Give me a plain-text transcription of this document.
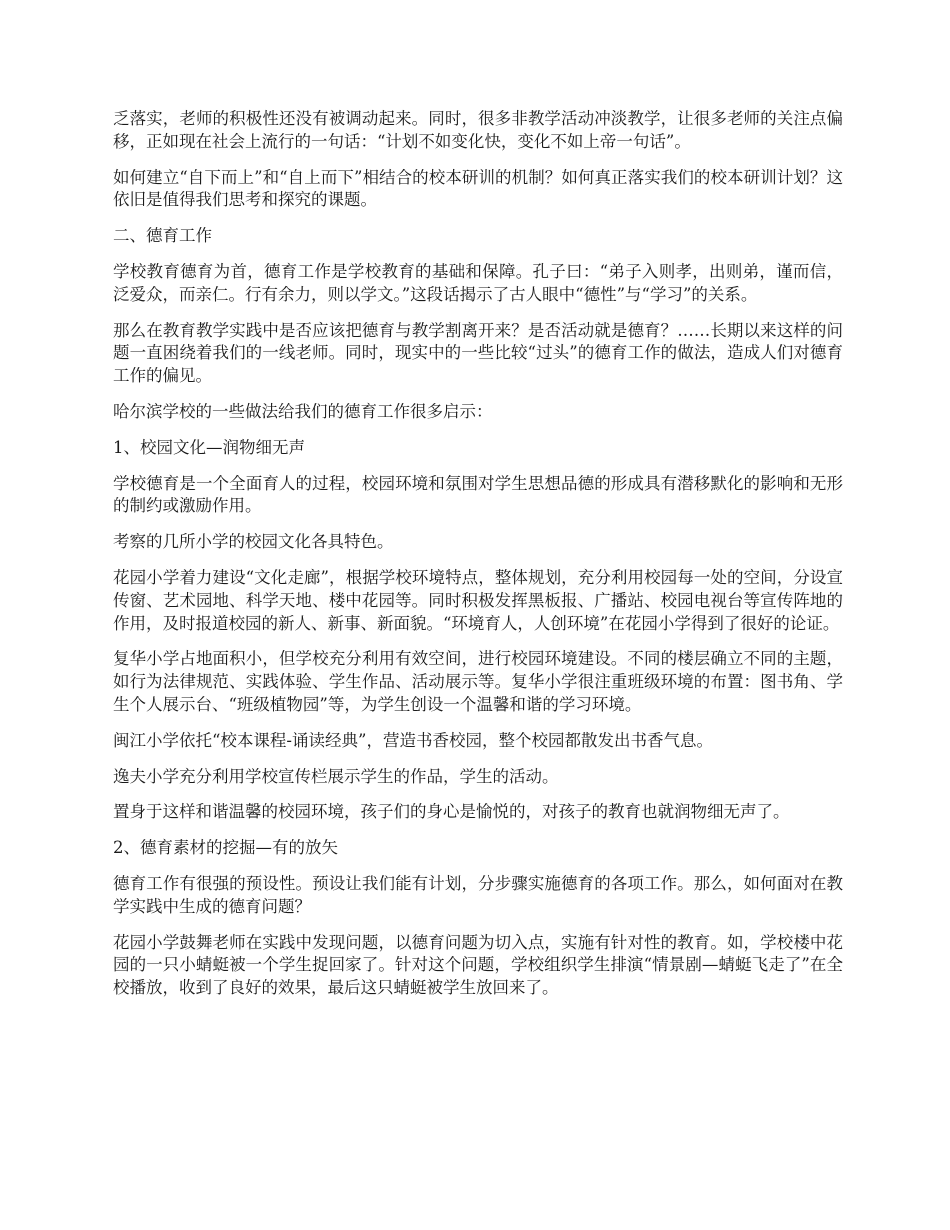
乏落实，老师的积极性还没有被调动起来。同时，很多非教学活动冲淡教学，让很多老师的关注点偏移，正如现在社会上流行的一句话：“计划不如变化快，变化不如上帝一句话”。

如何建立“自下而上”和“自上而下”相结合的校本研训的机制？如何真正落实我们的校本研训计划？这依旧是值得我们思考和探究的课题。

二、德育工作

学校教育德育为首，德育工作是学校教育的基础和保障。孔子曰：“弟子入则孝，出则弟，谨而信，泛爱众，而亲仁。行有余力，则以学文。”这段话揭示了古人眼中“德性”与“学习”的关系。

那么在教育教学实践中是否应该把德育与教学割离开来？是否活动就是德育？……长期以来这样的问题一直困绕着我们的一线老师。同时，现实中的一些比较“过头”的德育工作的做法，造成人们对德育工作的偏见。

哈尔滨学校的一些做法给我们的德育工作很多启示：

1、校园文化—润物细无声

学校德育是一个全面育人的过程，校园环境和氛围对学生思想品德的形成具有潜移默化的影响和无形的制约或激励作用。

考察的几所小学的校园文化各具特色。

花园小学着力建设“文化走廊”，根据学校环境特点，整体规划，充分利用校园每一处的空间，分设宣传窗、艺术园地、科学天地、楼中花园等。同时积极发挥黑板报、广播站、校园电视台等宣传阵地的作用，及时报道校园的新人、新事、新面貌。“环境育人，人创环境”在花园小学得到了很好的论证。

复华小学占地面积小，但学校充分利用有效空间，进行校园环境建设。不同的楼层确立不同的主题，如行为法律规范、实践体验、学生作品、活动展示等。复华小学很注重班级环境的布置：图书角、学生个人展示台、“班级植物园”等，为学生创设一个温馨和谐的学习环境。

闽江小学依托“校本课程-诵读经典”，营造书香校园，整个校园都散发出书香气息。

逸夫小学充分利用学校宣传栏展示学生的作品，学生的活动。

置身于这样和谐温馨的校园环境，孩子们的身心是愉悦的，对孩子的教育也就润物细无声了。

2、德育素材的挖掘—有的放矢

德育工作有很强的预设性。预设让我们能有计划，分步骤实施德育的各项工作。那么，如何面对在教学实践中生成的德育问题？

花园小学鼓舞老师在实践中发现问题，以德育问题为切入点，实施有针对性的教育。如，学校楼中花园的一只小蜻蜓被一个学生捉回家了。针对这个问题，学校组织学生排演“情景剧—蜻蜓飞走了”在全校播放，收到了良好的效果，最后这只蜻蜓被学生放回来了。
